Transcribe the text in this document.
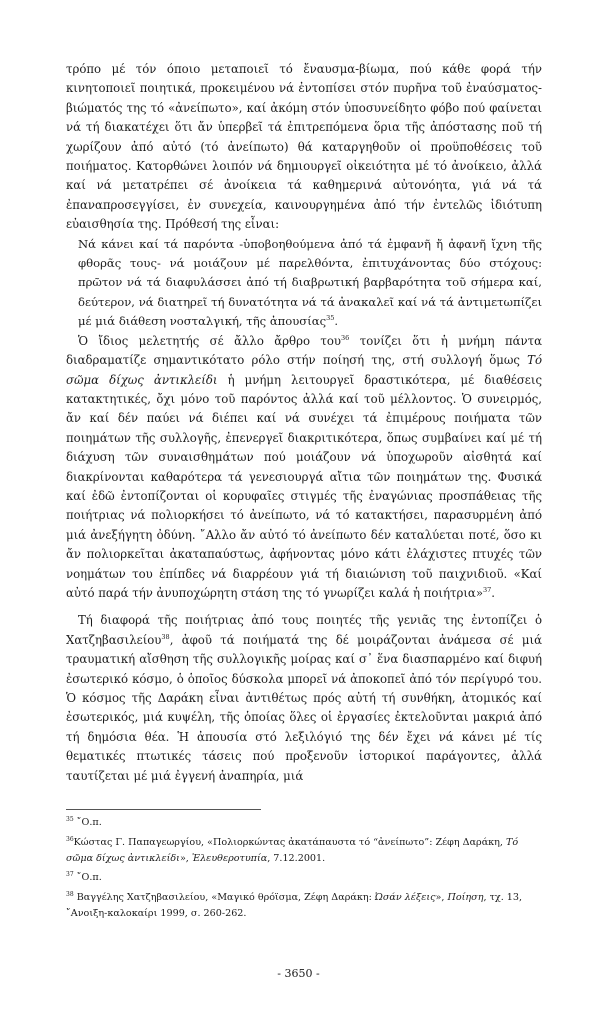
τρόπο μέ τόν όποιο μεταποιεῖ τό ἔναυσμα-βίωμα, πού κάθε φορά τήν κινητοποιεῖ ποιητικά, προκειμένου νά ἐντοπίσει στόν πυρῆνα τοῦ ἐναύσματος-βιώματός της τό «ἀνείπωτο», καί ἀκόμη στόν ὑποσυνείδητο φόβο πού φαίνεται νά τή διακατέχει ὅτι ἄν ὑπερβεῖ τά ἐπιτρεπόμενα ὅρια τῆς ἀπόστασης ποῦ τή χωρίζουν ἀπό αὐτό (τό ἀνείπωτο) θά καταργηθοῦν οἱ προϋποθέσεις τοῦ ποιήματος. Κατορθώνει λοιπόν νά δημιουργεῖ οἰκειότητα μέ τό ἀνοίκειο, ἀλλά καί νά μετατρέπει σέ ἀνοίκεια τά καθημερινά αὐτονόητα, γιά νά τά ἐπαναπροσεγγίσει, ἐν συνεχεία, καινουργημένα ἀπό τήν ἐντελῶς ἰδιότυπη εὐαισθησία της. Πρόθεσή της εἶναι:

Νά κάνει καί τά παρόντα -ὑποβοηθούμενα ἀπό τά ἐμφανῆ ἤ ἀφανῆ ἴχνη τῆς φθορᾶς τους- νά μοιάζουν μέ παρελθόντα, ἐπιτυχάνοντας δύο στόχους: πρῶτον νά τά διαφυλάσσει ἀπό τή διαβρωτική βαρβαρότητα τοῦ σήμερα καί, δεύτερον, νά διατηρεῖ τή δυνατότητα νά τά ἀνακαλεῖ καί νά τά ἀντιμετωπίζει μέ μιά διάθεση νοσταλγική, τῆς ἀπουσίας$^{35}$.

Ὁ ἴδιος μελετητής σέ ἄλλο ἄρθρο του$^{36}$ τονίζει ὅτι ἡ μνήμη πάντα διαδραματίζε σημαντικότατο ρόλο στήν ποίησή της, στή συλλογή ὅμως Τό σῶμα δίχως ἀντικλείδι ἡ μνήμη λειτουργεῖ δραστικότερα, μέ διαθέσεις κατακτητικές, ὄχι μόνο τοῦ παρόντος ἀλλά καί τοῦ μέλλοντος. Ὁ συνειρμός, ἄν καί δέν παύει νά διέπει καί νά συνέχει τά ἐπιμέρους ποιήματα τῶν ποιημάτων τῆς συλλογῆς, ἐπενεργεῖ διακριτικότερα, ὅπως συμβαίνει καί μέ τή διάχυση τῶν συναισθημάτων πού μοιάζουν νά ὑποχωροῦν αἰσθητά καί διακρίνονται καθαρότερα τά γενεσιουργά αἴτια τῶν ποιημάτων της. Φυσικά καί ἐδῶ ἐντοπίζονται οἱ κορυφαῖες στιγμές τῆς ἐναγώνιας προσπάθειας τῆς ποιήτριας νά πολιορκήσει τό ἀνείπωτο, νά τό κατακτήσει, παρασυρμένη ἀπό μιά ἀνεξήγητη ὀδύνη. ῎Αλλο ἄν αὐτό τό ἀνείπωτο δέν καταλύεται ποτέ, ὅσο κι ἄν πολιορκεῖται ἀκαταπαύστως, ἀφήνοντας μόνο κάτι ἐλάχιστες πτυχές τῶν νοημάτων του ἐπίπδες νά διαρρέουν γιά τή διαιώνιση τοῦ παιχνιδιοῦ. «Καί αὐτό παρά τήν ἀνυποχώρητη στάση της τό γνωρίζει καλά ἡ ποιήτρια»$^{37}$.

Τή διαφορά τῆς ποιήτριας ἀπό τους ποιητές τῆς γενιᾶς της ἐντοπίζει ὁ Χατζηβασιλείου$^{38}$, ἀφοῦ τά ποιήματά της δέ μοιράζονται ἀνάμεσα σέ μιά τραυματική αἴσθηση τῆς συλλογικῆς μοίρας καί σ᾿ ἕνα διασπαρμένο καί διφυή ἐσωτερικό κόσμο, ὁ ὁποῖος δύσκολα μπορεῖ νά ἀποκοπεῖ ἀπό τόν περίγυρό του. Ὁ κόσμος τῆς Δαράκη εἶναι ἀντιθέτως πρός αὐτή τή συνθήκη, ἀτομικός καί ἐσωτερικός, μιά κυψέλη, τῆς ὁποίας ὅλες οἱ ἐργασίες ἐκτελοῦνται μακριά ἀπό τή δημόσια θέα. Ἡ ἀπουσία στό λεξιλόγιό της δέν ἔχει νά κάνει μέ τίς θεματικές πτωτικές τάσεις πού προξενοῦν ἱστορικοί παράγοντες, ἀλλά ταυτίζεται μέ μιά ἐγγενή ἀναπηρία, μιά

$^{35}$ ῎Ο.π.

$^{36}$Κώστας Γ. Παπαγεωργίου, «Πολιορκώντας ἀκατάπαυστα τό “ἀνείπωτο”: Ζέφη Δαράκη, Τό σῶμα δίχως ἀντικλείδι», Ἐλευθεροτυπία, 7.12.2001.

$^{37}$ ῎Ο.π.

$^{38}$ Βαγγέλης Χατζηβασιλείου, «Μαγικό θρόϊσμα, Ζέφη Δαράκη: Ὠσάν λέξεις», Ποίηση, τχ. 13, ῎Ανοιξη-καλοκαίρι 1999, σ. 260-262.

- 3650 -
